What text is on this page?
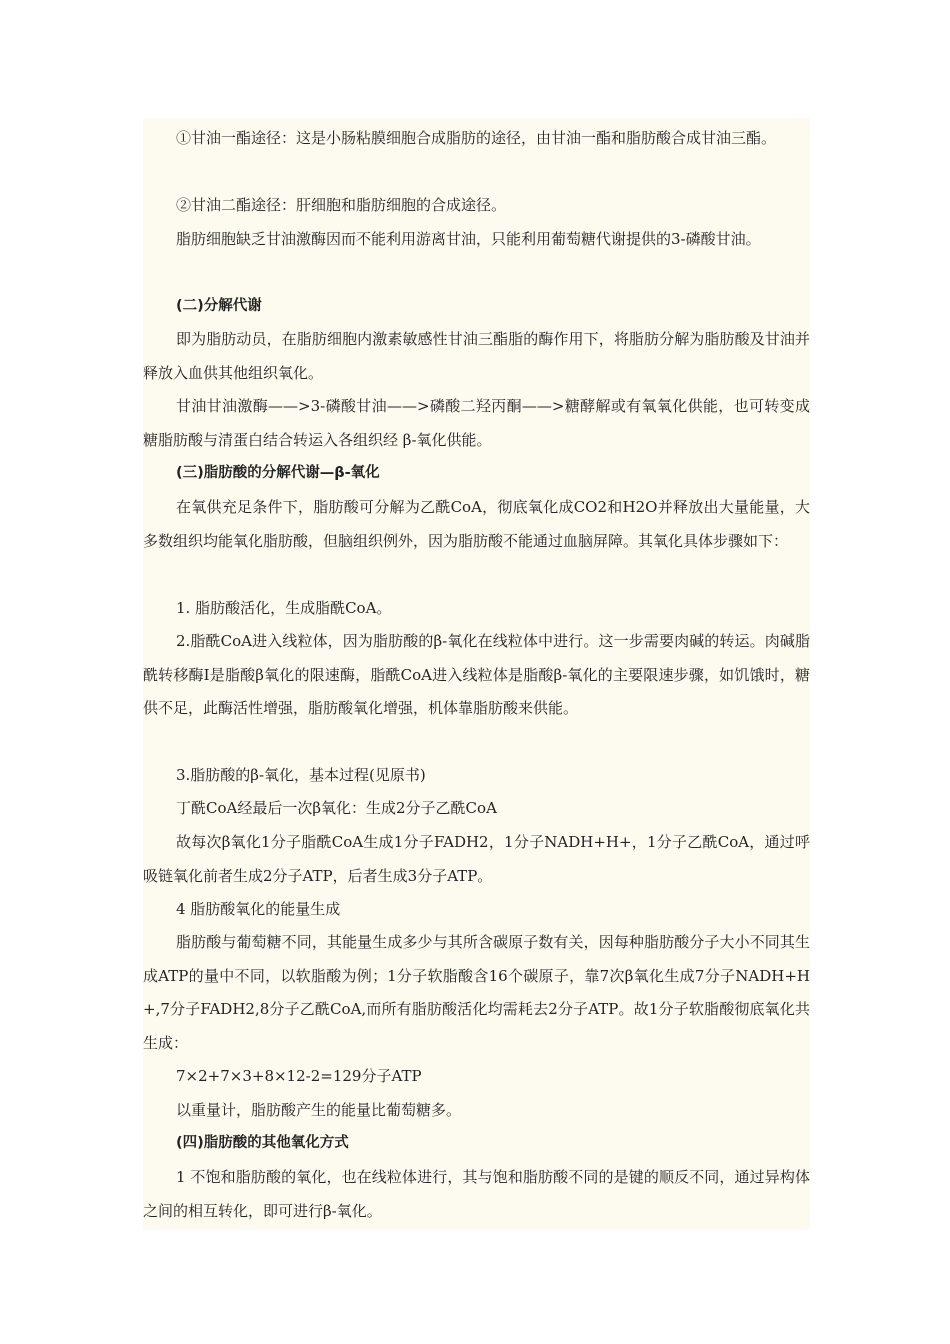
①甘油一酯途径：这是小肠粘膜细胞合成脂肪的途径，由甘油一酯和脂肪酸合成甘油三酯。
②甘油二酯途径：肝细胞和脂肪细胞的合成途径。
脂肪细胞缺乏甘油激酶因而不能利用游离甘油，只能利用葡萄糖代谢提供的3-磷酸甘油。
(二)分解代谢
即为脂肪动员，在脂肪细胞内激素敏感性甘油三酯脂的酶作用下，将脂肪分解为脂肪酸及甘油并释放入血供其他组织氧化。
甘油甘油激酶——>3-磷酸甘油——>磷酸二羟丙酮——>糖酵解或有氧氧化供能，也可转变成糖脂肪酸与清蛋白结合转运入各组织经 β-氧化供能。
(三)脂肪酸的分解代谢—β-氧化
在氧供充足条件下，脂肪酸可分解为乙酰CoA，彻底氧化成CO2和H2O并释放出大量能量，大多数组织均能氧化脂肪酸，但脑组织例外，因为脂肪酸不能通过血脑屏障。其氧化具体步骤如下：
1. 脂肪酸活化，生成脂酰CoA。
2.脂酰CoA进入线粒体，因为脂肪酸的β-氧化在线粒体中进行。这一步需要肉碱的转运。肉碱脂酰转移酶Ⅰ是脂酸β氧化的限速酶，脂酰CoA进入线粒体是脂酸β-氧化的主要限速步骤，如饥饿时，糖供不足，此酶活性增强，脂肪酸氧化增强，机体靠脂肪酸来供能。
3.脂肪酸的β-氧化，基本过程(见原书)
丁酰CoA经最后一次β氧化：生成2分子乙酰CoA
故每次β氧化1分子脂酰CoA生成1分子FADH2，1分子NADH+H+，1分子乙酰CoA，通过呼吸链氧化前者生成2分子ATP，后者生成3分子ATP。
4 脂肪酸氧化的能量生成
脂肪酸与葡萄糖不同，其能量生成多少与其所含碳原子数有关，因每种脂肪酸分子大小不同其生成ATP的量中不同，以软脂酸为例；1分子软脂酸含16个碳原子，靠7次β氧化生成7分子NADH+H+,7分子FADH2,8分子乙酰CoA,而所有脂肪酸活化均需耗去2分子ATP。故1分子软脂酸彻底氧化共生成：
7×2+7×3+8×12-2=129分子ATP
以重量计，脂肪酸产生的能量比葡萄糖多。
(四)脂肪酸的其他氧化方式
1 不饱和脂肪酸的氧化，也在线粒体进行，其与饱和脂肪酸不同的是键的顺反不同，通过异构体之间的相互转化，即可进行β-氧化。
